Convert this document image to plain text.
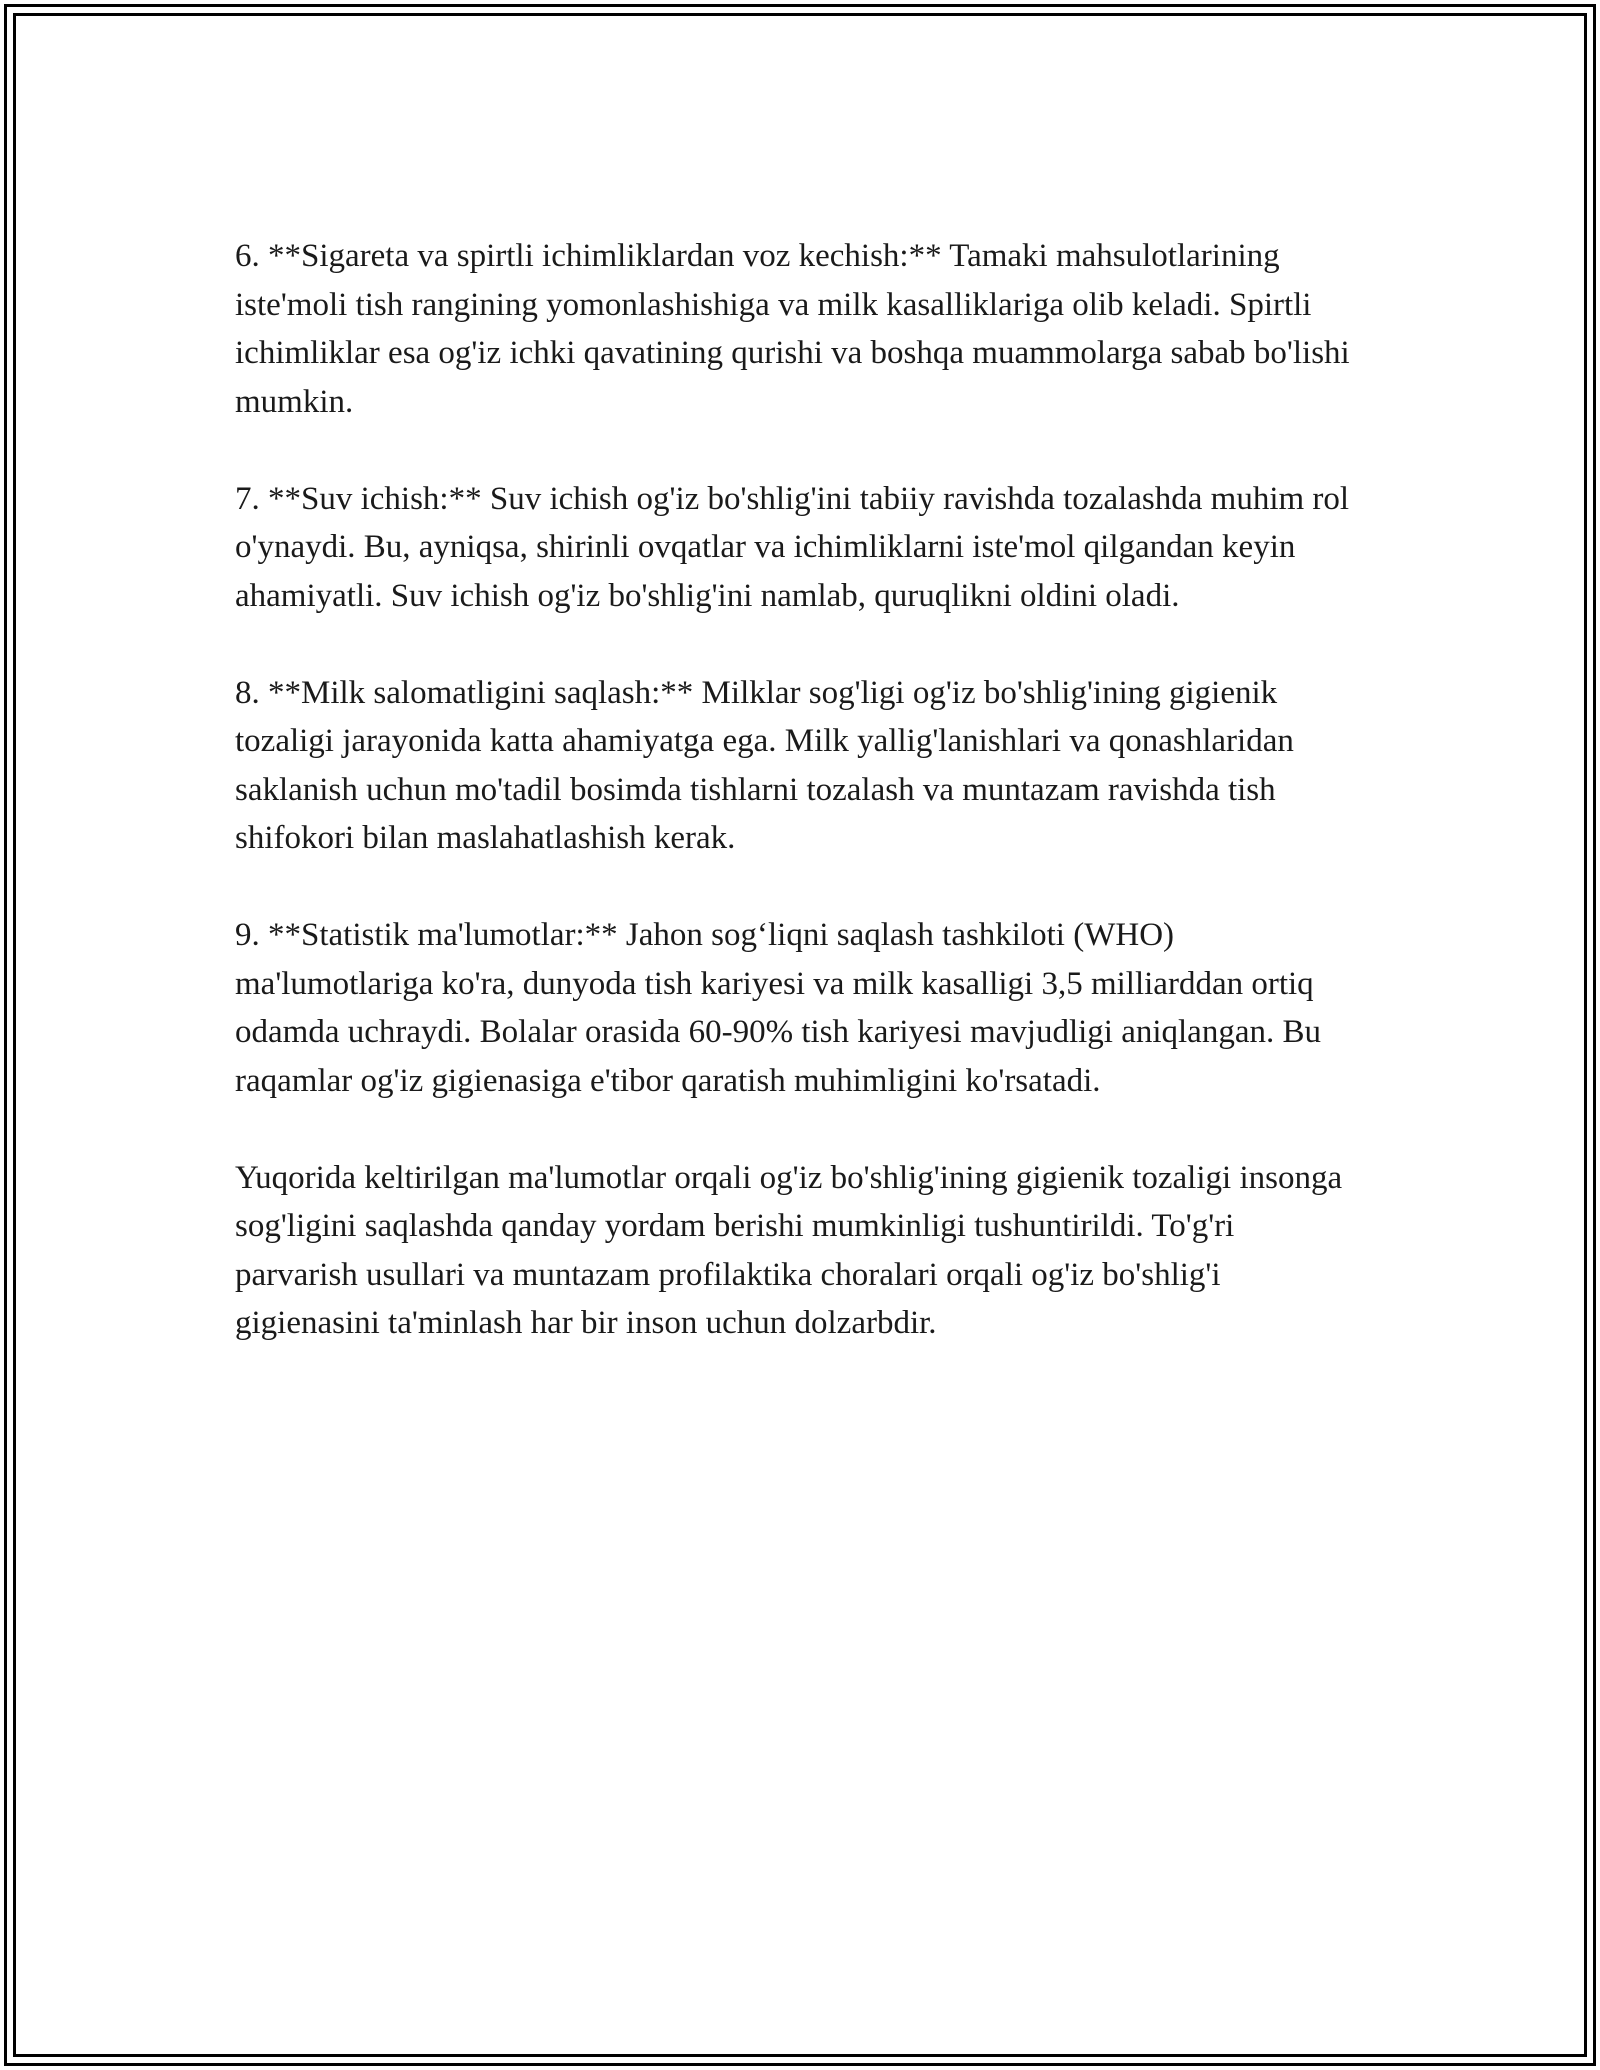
6. **Sigareta va spirtli ichimliklardan voz kechish:** Tamaki mahsulotlarining iste'moli tish rangining yomonlashishiga va milk kasalliklariga olib keladi. Spirtli ichimliklar esa og'iz ichki qavatining qurishi va boshqa muammolarga sabab bo'lishi mumkin.

7. **Suv ichish:** Suv ichish og'iz bo'shlig'ini tabiiy ravishda tozalashda muhim rol o'ynaydi. Bu, ayniqsa, shirinli ovqatlar va ichimliklarni iste'mol qilgandan keyin ahamiyatli. Suv ichish og'iz bo'shlig'ini namlab, quruqlikni oldini oladi.

8. **Milk salomatligini saqlash:** Milklar sog'ligi og'iz bo'shlig'ining gigienik tozaligi jarayonida katta ahamiyatga ega. Milk yallig'lanishlari va qonashlaridan saklanish uchun mo'tadil bosimda tishlarni tozalash va muntazam ravishda tish shifokori bilan maslahatlashish kerak.

9. **Statistik ma'lumotlar:** Jahon sog‘liqni saqlash tashkiloti (WHO) ma'lumotlariga ko'ra, dunyoda tish kariyesi va milk kasalligi 3,5 milliarddan ortiq odamda uchraydi. Bolalar orasida 60-90% tish kariyesi mavjudligi aniqlangan. Bu raqamlar og'iz gigienasiga e'tibor qaratish muhimligini ko'rsatadi.

Yuqorida keltirilgan ma'lumotlar orqali og'iz bo'shlig'ining gigienik tozaligi insonga sog'ligini saqlashda qanday yordam berishi mumkinligi tushuntirildi. To'g'ri parvarish usullari va muntazam profilaktika choralari orqali og'iz bo'shlig'i gigienasini ta'minlash har bir inson uchun dolzarbdir.
